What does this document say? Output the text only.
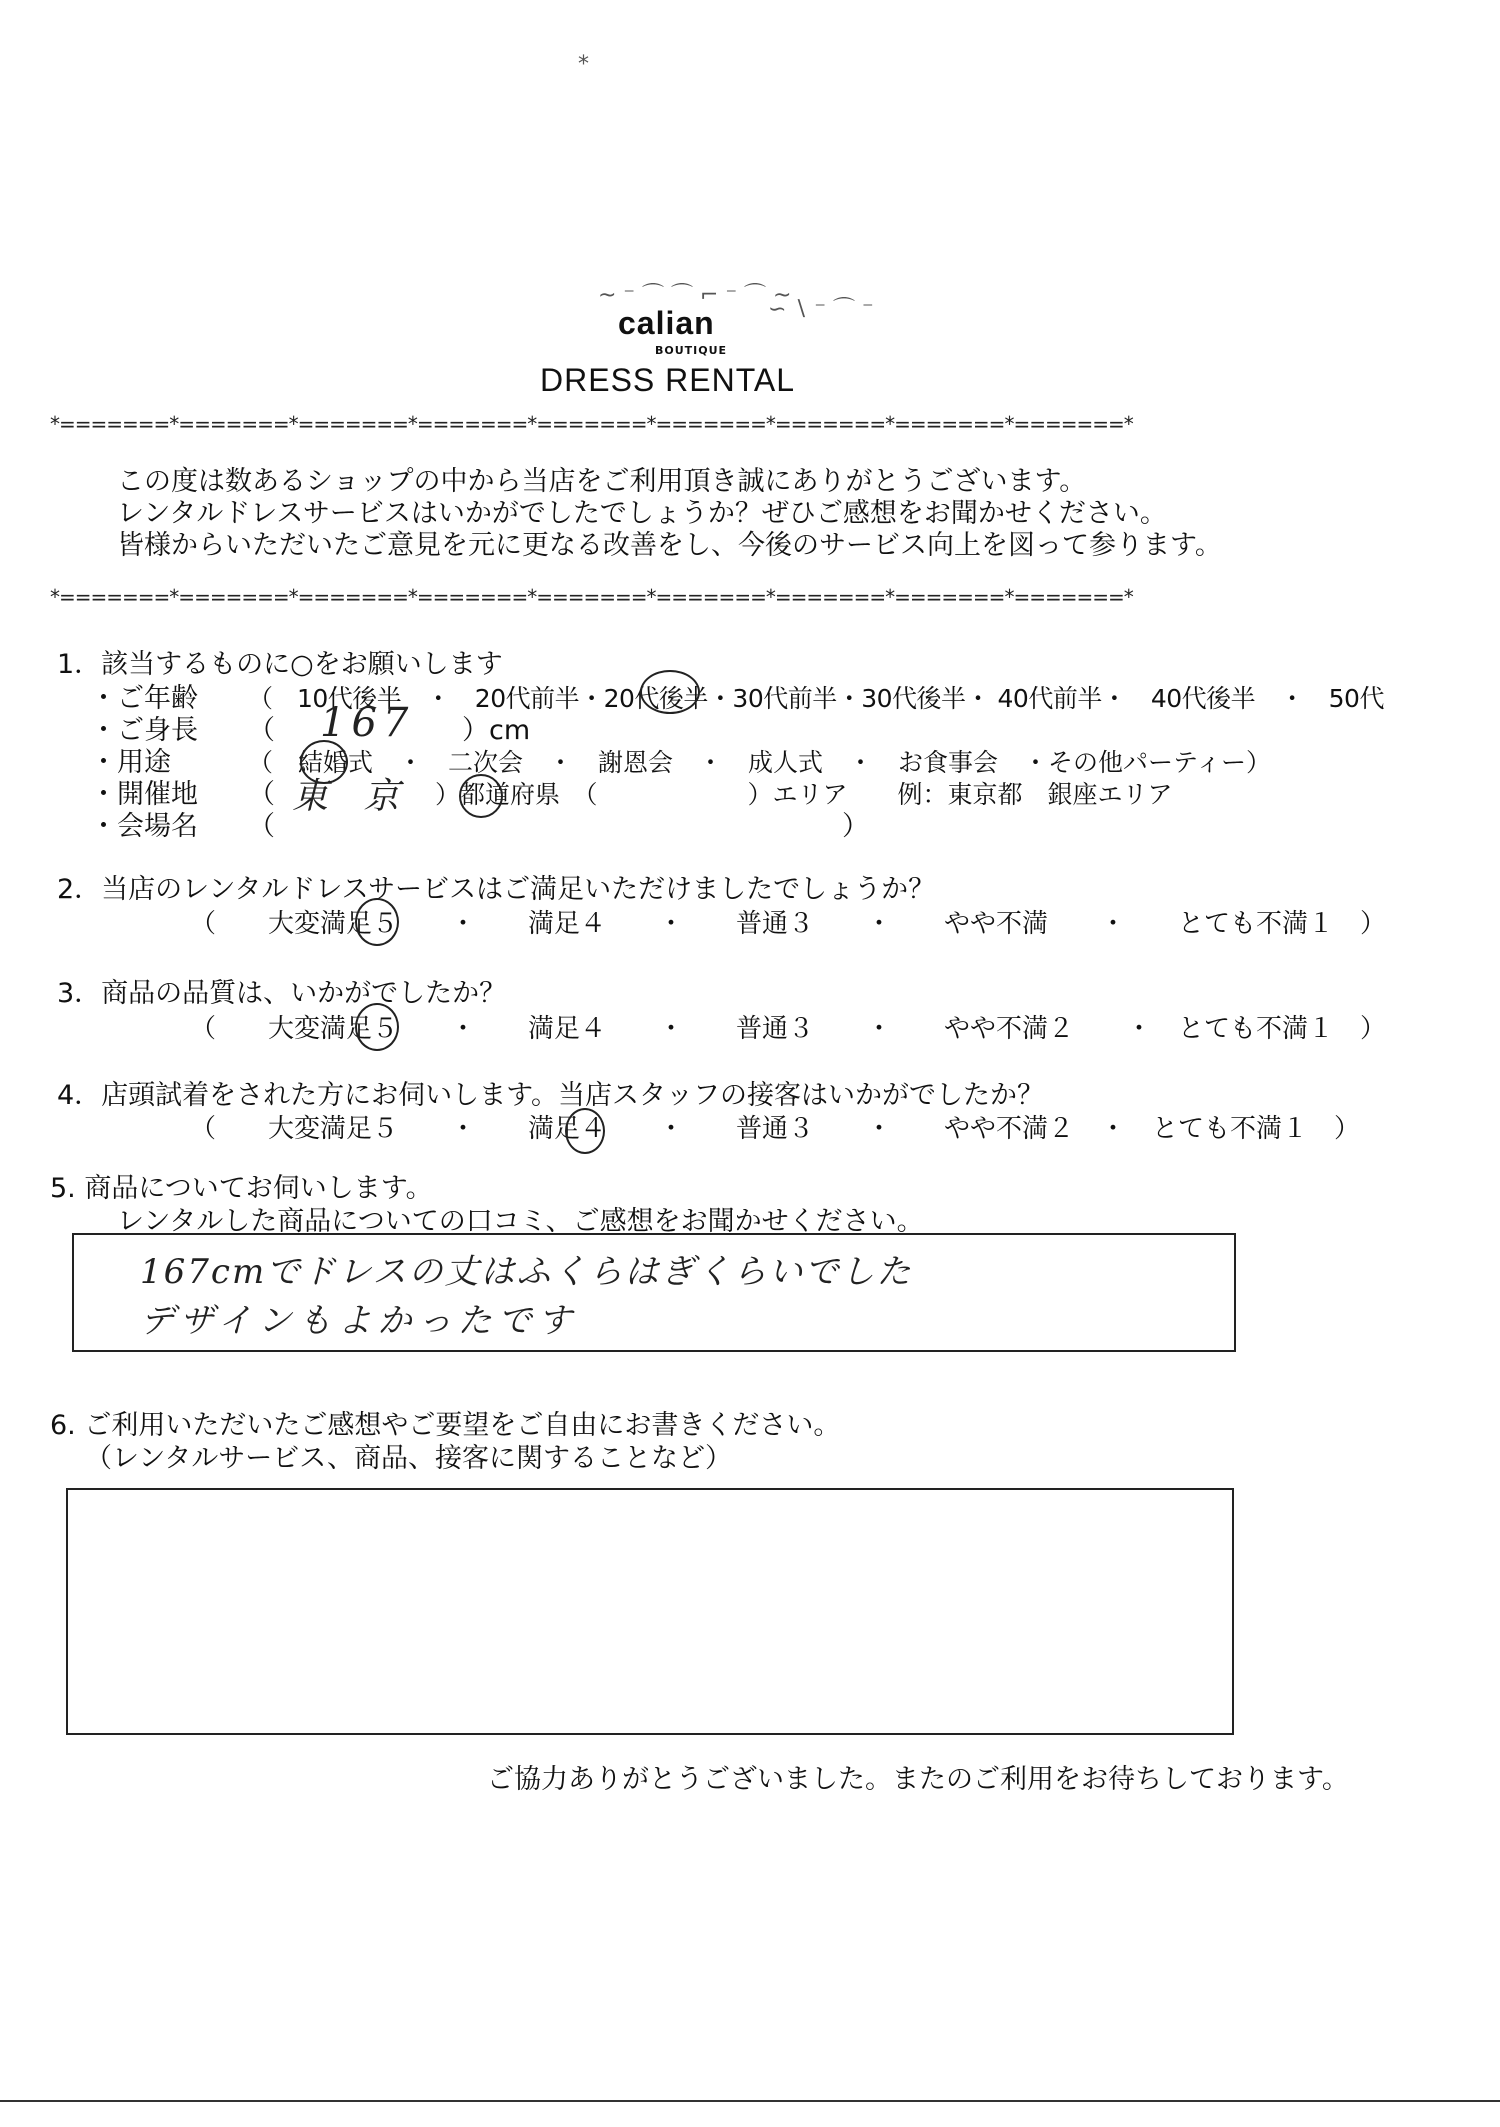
*
~ ⁻ ⌒ ⌒ ⌐ ⁻ ⌒ ~
∽ ∖ ⁻ ⌒ ⁻
calian
BOUTIQUE
DRESS RENTAL
*=======*=======*=======*=======*=======*=======*=======*=======*=======*
この度は数あるショップの中から当店をご利用頂き誠にありがとうございます。
レンタルドレスサービスはいかがでしたでしょうか？ぜひご感想をお聞かせください。
皆様からいただいたご意見を元に更なる改善をし、今後のサービス向上を図って参ります。
*=======*=======*=======*=======*=======*=======*=======*=======*=======*
1．該当するものに○をお願いします
・ご年齢 （　10代後半　・　20代前半・20代後半・30代前半・30代後半・ 40代前半・　40代後半　・　50代
・ご身長 （ 167 ）cm
・用途	（　結婚式　・　二次会　・　謝恩会　・　成人式　・　お食事会　・その他パーティー）
・開催地 （ 東 京 ）都道府県　（　　　　　　）エリア　　例：東京都　銀座エリア
・会場名 （　　　　　　　　　　　　　　　　　　　　　）
2．当店のレンタルドレスサービスはご満足いただけましたでしょうか？
（　　大変満足５　　・　　満足４　　・　　普通３　　・　　やや不満　　・　　とても不満１　）
3．商品の品質は、いかがでしたか？
（　　大変満足５　　・　　満足４　　・　　普通３　　・　　やや不満２　　・　とても不満１　）
4．店頭試着をされた方にお伺いします。当店スタッフの接客はいかがでしたか？
（　　大変満足５　　・　　満足４　　・　　普通３　　・　　やや不満２　・　とても不満１　）
5. 商品についてお伺いします。
レンタルした商品についての口コミ、ご感想をお聞かせください。
167cmでドレスの丈はふくらはぎくらいでした
デザインもよかったです
6. ご利用いただいたご感想やご要望をご自由にお書きください。
（レンタルサービス、商品、接客に関することなど）
ご協力ありがとうございました。またのご利用をお待ちしております。
